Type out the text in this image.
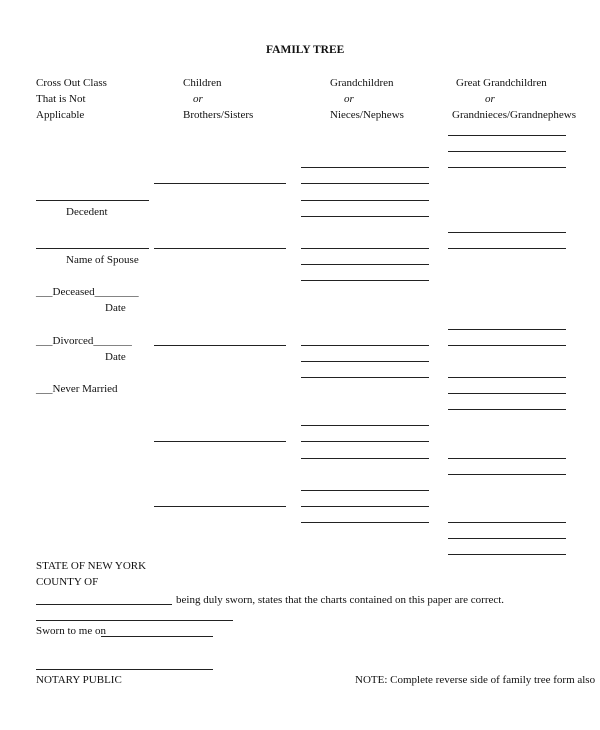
FAMILY TREE
Cross Out Class
That is Not
Applicable
Children
or
Brothers/Sisters
Grandchildren
or
Nieces/Nephews
Great Grandchildren
or
Grandnieces/Grandnephews
Decedent
Name of Spouse
___Deceased________
Date
___Divorced_______
Date
___Never Married
STATE OF NEW YORK
COUNTY OF
being duly sworn, states that the charts contained on this paper are correct.
Sworn to me on
NOTARY PUBLIC	NOTE: Complete reverse side of family tree form also
